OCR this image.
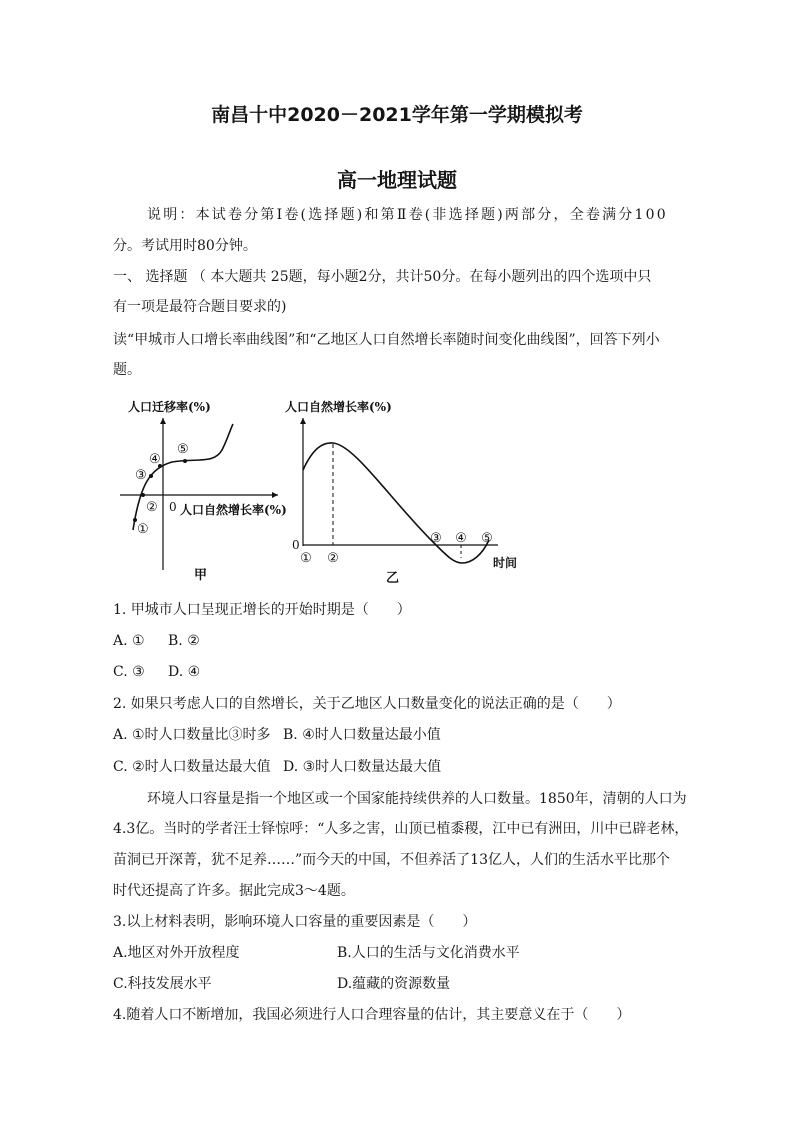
南昌十中2020－2021学年第一学期模拟考
高一地理试题
说明：本试卷分第Ⅰ卷(选择题)和第Ⅱ卷(非选择题)两部分，全卷满分100
分。考试用时80分钟。
一、 选择题 （ 本大题共 25题，每小题2分，共计50分。在每小题列出的四个选项中只
有一项是最符合题目要求的)
读“甲城市人口增长率曲线图”和“乙地区人口自然增长率随时间变化曲线图”，回答下列小
题。
人口迁移率(%)
0 人口自然增长率(%)
①
②
③
④
⑤
甲
人口自然增长率(%)
0
时间
① ②
③ ④ ⑤
乙
1. 甲城市人口呈现正增长的开始时期是（　　）
A. ① B. ②
C. ③ D. ④
2. 如果只考虑人口的自然增长，关于乙地区人口数量变化的说法正确的是（　　）
A. ①时人口数量比③时多 B. ④时人口数量达最小值
C. ②时人口数量达最大值 D. ③时人口数量达最大值
环境人口容量是指一个地区或一个国家能持续供养的人口数量。1850年，清朝的人口为
4.3亿。当时的学者汪士铎惊呼：“人多之害，山顶已植黍稷，江中已有洲田，川中已辟老林，
苗洞已开深菁，犹不足养……”而今天的中国，不但养活了13亿人，人们的生活水平比那个
时代还提高了许多。据此完成3～4题。
3.以上材料表明，影响环境人口容量的重要因素是（　　）
A.地区对外开放程度	B.人口的生活与文化消费水平
C.科技发展水平	D.蕴藏的资源数量
4.随着人口不断增加，我国必须进行人口合理容量的估计，其主要意义在于（　　）
